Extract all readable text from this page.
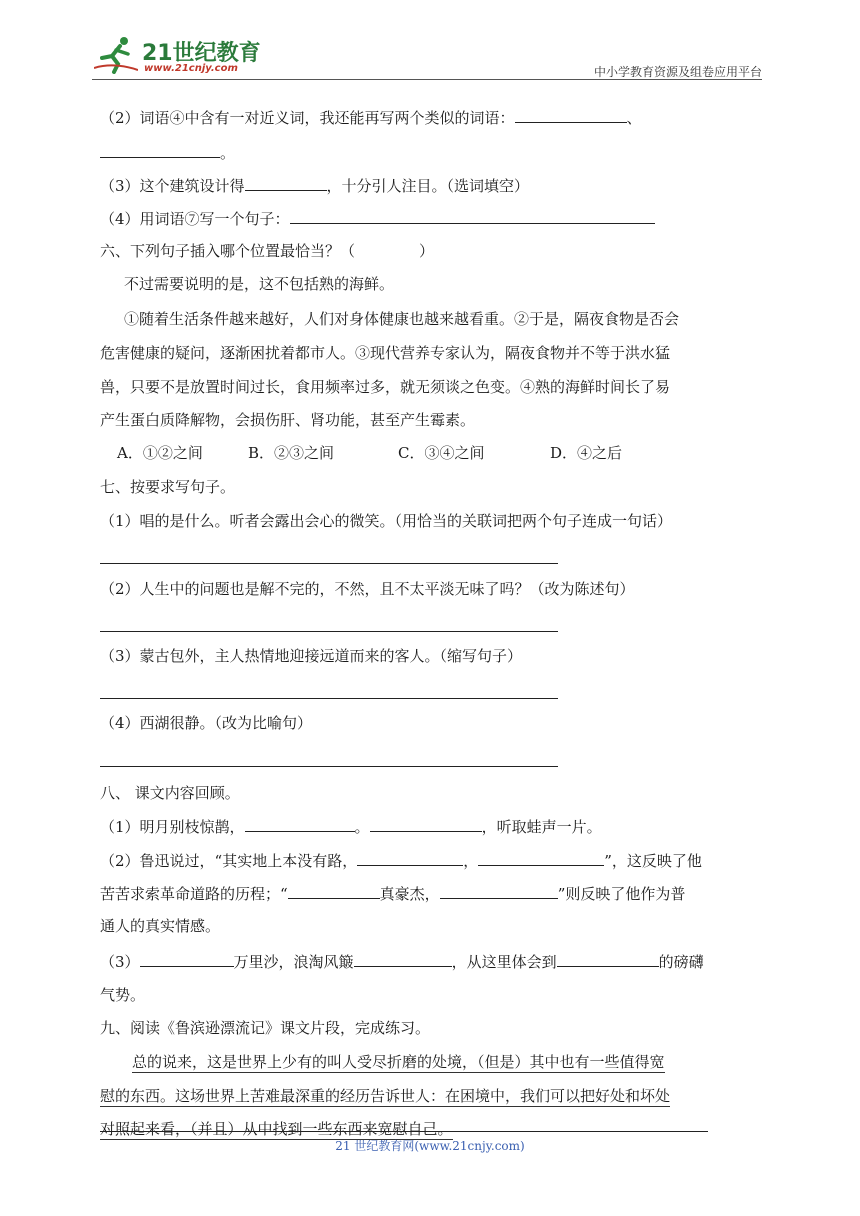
21世纪教育
www.21cnjy.com	中小学教育资源及组卷应用平台
（2）词语④中含有一对近义词，我还能再写两个类似的词语：	、
。
（3）这个建筑设计得	，十分引人注目。（选词填空）
（4）用词语⑦写一个句子：
六、下列句子插入哪个位置最恰当？（	）
不过需要说明的是，这不包括熟的海鲜。
①随着生活条件越来越好，人们对身体健康也越来越看重。②于是，隔夜食物是否会
危害健康的疑问，逐渐困扰着都市人。③现代营养专家认为，隔夜食物并不等于洪水猛
兽，只要不是放置时间过长，食用频率过多，就无须谈之色变。④熟的海鲜时间长了易
产生蛋白质降解物，会损伤肝、肾功能，甚至产生霉素。
A．①②之间	B．②③之间	C．③④之间	D．④之后
七、按要求写句子。
（1）唱的是什么。听者会露出会心的微笑。（用恰当的关联词把两个句子连成一句话）
（2）人生中的问题也是解不完的，不然，且不太平淡无味了吗？（改为陈述句）
（3）蒙古包外，主人热情地迎接远道而来的客人。（缩写句子）
（4）西湖很静。（改为比喻句）
八、 课文内容回顾。
（1）明月别枝惊鹊，	。	，听取蛙声一片。
（2）鲁迅说过，“其实地上本没有路，	，	”，这反映了他
苦苦求索革命道路的历程；“	真豪杰，	”则反映了他作为普
通人的真实情感。
（3）	万里沙，浪淘风簸	，从这里体会到	的磅礴
气势。
九、阅读《鲁滨逊漂流记》课文片段，完成练习。
总的说来，这是世界上少有的叫人受尽折磨的处境，（但是）其中也有一些值得宽
慰的东西。这场世界上苦难最深重的经历告诉世人：在困境中，我们可以把好处和坏处
对照起来看，（并且）从中找到一些东西来宽慰自己。
21 世纪教育网(www.21cnjy.com)
